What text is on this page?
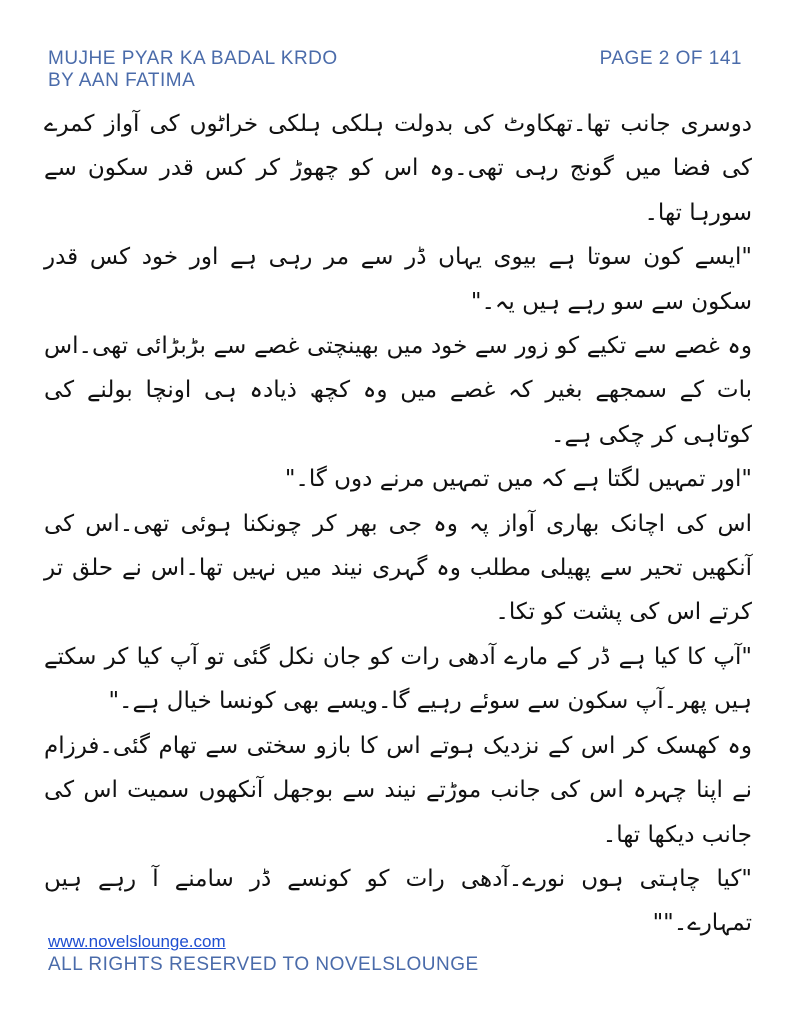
MUJHE PYAR KA BADAL KRDO
BY AAN FATIMA
PAGE 2 OF 141

دوسری جانب تھا۔تھکاوٹ کی بدولت ہلکی ہلکی خراٹوں کی آواز کمرے کی فضا میں گونج رہی تھی۔وہ اس کو چھوڑ کر کس قدر سکون سے سورہا تھا۔

"ایسے کون سوتا ہے بیوی یہاں ڈر سے مر رہی ہے اور خود کس قدر سکون سے سو رہے ہیں یہ۔"

وہ غصے سے تکیے کو زور سے خود میں بھینچتی غصے سے بڑبڑائی تھی۔اس بات کے سمجھے بغیر کہ غصے میں وہ کچھ ذیادہ ہی اونچا بولنے کی کوتاہی کر چکی ہے۔

"اور تمہیں لگتا ہے کہ میں تمہیں مرنے دوں گا۔"

اس کی اچانک بھاری آواز پہ وہ جی بھر کر چونکنا ہوئی تھی۔اس کی آنکھیں تحیر سے پھیلی مطلب وہ گہری نیند میں نہیں تھا۔اس نے حلق تر کرتے اس کی پشت کو تکا۔

"آپ کا کیا ہے ڈر کے مارے آدھی رات کو جان نکل گئی تو آپ کیا کر سکتے ہیں پھر۔آپ سکون سے سوئے رہیے گا۔ویسے بھی کونسا خیال ہے۔"

وہ کھسک کر اس کے نزدیک ہوتے اس کا بازو سختی سے تھام گئی۔فرزام نے اپنا چہرہ اس کی جانب موڑتے نیند سے بوجھل آنکھوں سمیت اس کی جانب دیکھا تھا۔

"کیا چاہتی ہوں نورے۔آدھی رات کو کونسے ڈر سامنے آ رہے ہیں تمہارے۔""

www.novelslounge.com
ALL RIGHTS RESERVED TO NOVELSLOUNGE
